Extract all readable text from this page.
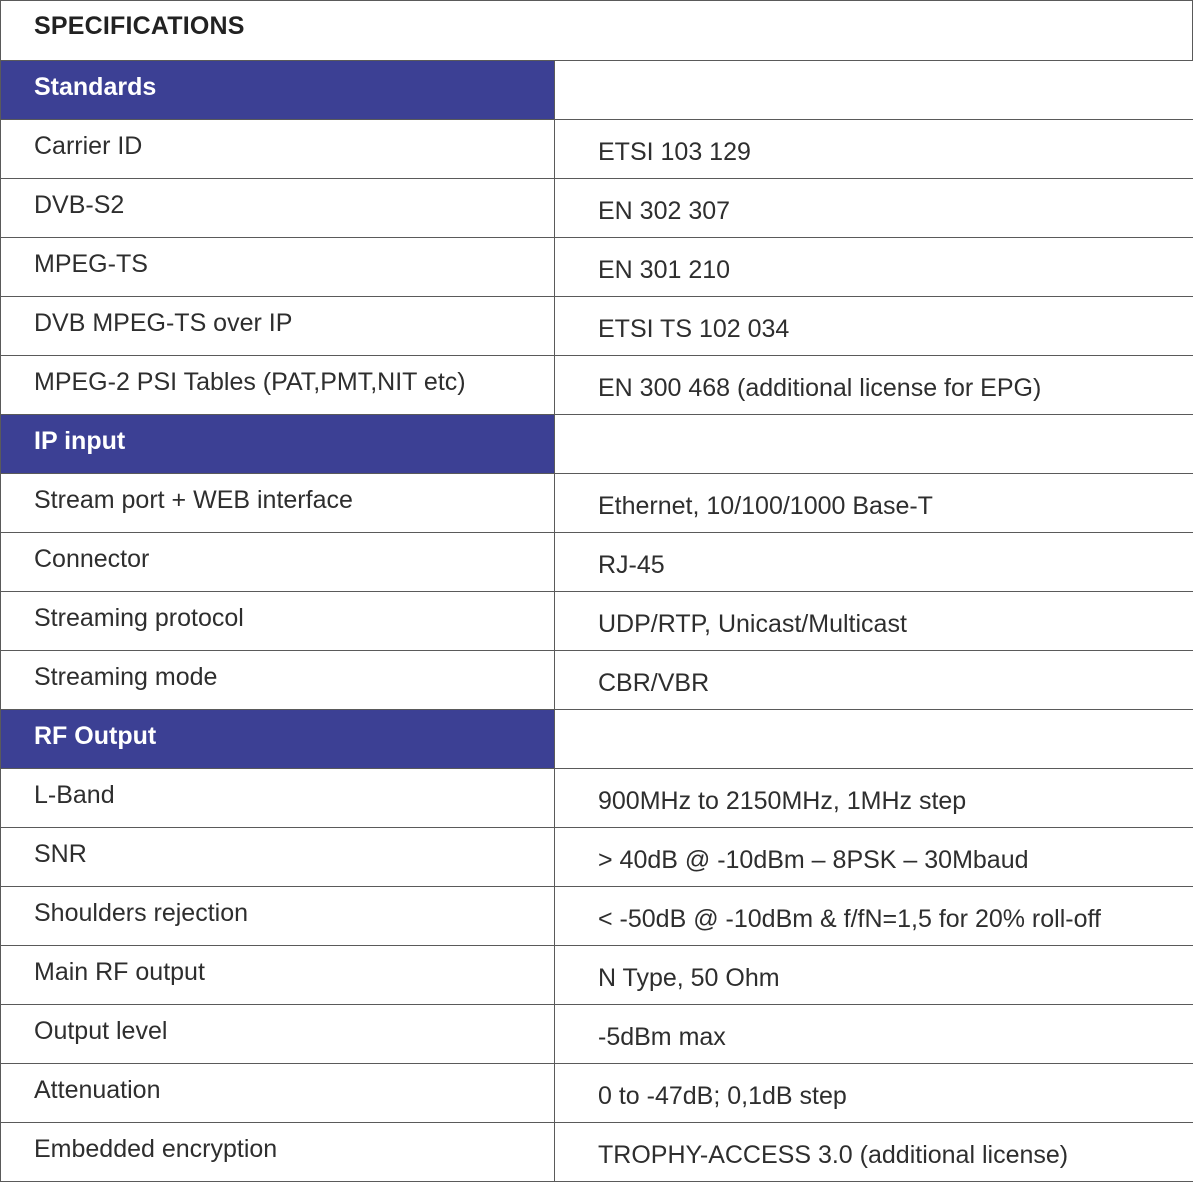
SPECIFICATIONS
Standards	
Carrier ID	ETSI 103 129
DVB-S2	EN 302 307
MPEG-TS	EN 301 210
DVB MPEG-TS over IP	ETSI TS 102 034
MPEG-2 PSI Tables (PAT,PMT,NIT etc)	EN 300 468 (additional license for EPG)
IP input	
Stream port + WEB interface	Ethernet, 10/100/1000 Base-T
Connector	RJ-45
Streaming protocol	UDP/RTP, Unicast/Multicast
Streaming mode	CBR/VBR
RF Output	
L-Band	900MHz to 2150MHz, 1MHz step
SNR	> 40dB @ -10dBm – 8PSK – 30Mbaud
Shoulders rejection	< -50dB @ -10dBm & f/fN=1,5 for 20% roll-off
Main RF output	N Type, 50 Ohm
Output level	-5dBm max
Attenuation	0 to -47dB; 0,1dB step
Embedded encryption	TROPHY-ACCESS 3.0 (additional license)
